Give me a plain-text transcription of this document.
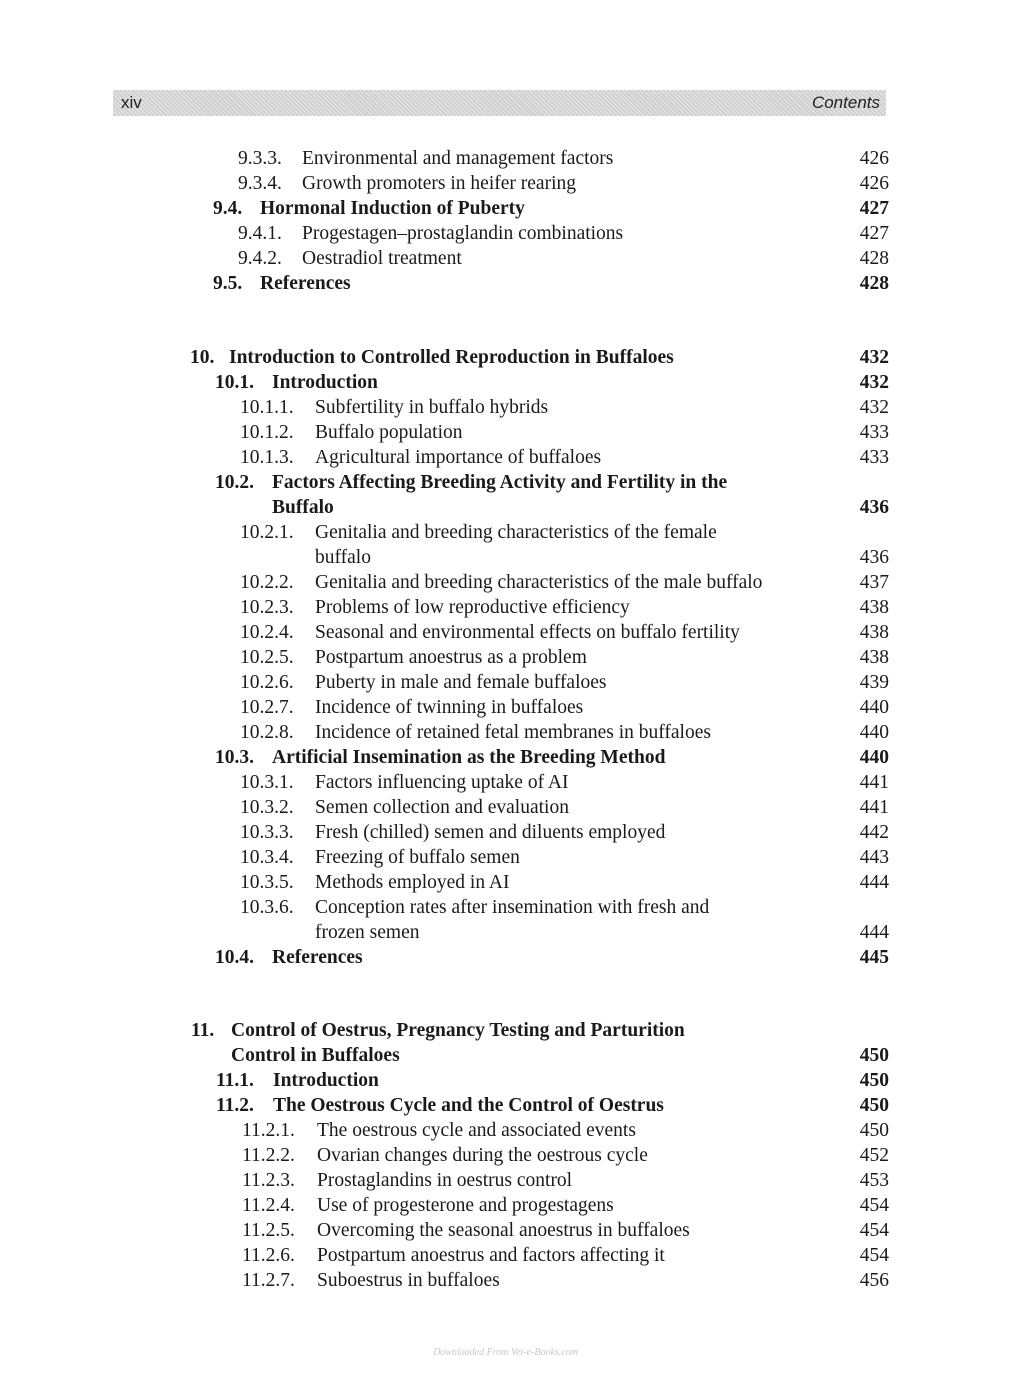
xiv	Contents
9.3.3. Environmental and management factors	426
9.3.4. Growth promoters in heifer rearing	426
9.4. Hormonal Induction of Puberty	427
9.4.1. Progestagen–prostaglandin combinations	427
9.4.2. Oestradiol treatment	428
9.5. References	428
10. Introduction to Controlled Reproduction in Buffaloes	432
10.1. Introduction	432
10.1.1. Subfertility in buffalo hybrids	432
10.1.2. Buffalo population	433
10.1.3. Agricultural importance of buffaloes	433
10.2. Factors Affecting Breeding Activity and Fertility in the
Buffalo	436
10.2.1. Genitalia and breeding characteristics of the female
buffalo	436
10.2.2. Genitalia and breeding characteristics of the male buffalo	437
10.2.3. Problems of low reproductive efficiency	438
10.2.4. Seasonal and environmental effects on buffalo fertility	438
10.2.5. Postpartum anoestrus as a problem	438
10.2.6. Puberty in male and female buffaloes	439
10.2.7. Incidence of twinning in buffaloes	440
10.2.8. Incidence of retained fetal membranes in buffaloes	440
10.3. Artificial Insemination as the Breeding Method	440
10.3.1. Factors influencing uptake of AI	441
10.3.2. Semen collection and evaluation	441
10.3.3. Fresh (chilled) semen and diluents employed	442
10.3.4. Freezing of buffalo semen	443
10.3.5. Methods employed in AI	444
10.3.6. Conception rates after insemination with fresh and
frozen semen	444
10.4. References	445
11. Control of Oestrus, Pregnancy Testing and Parturition
Control in Buffaloes	450
11.1. Introduction	450
11.2. The Oestrous Cycle and the Control of Oestrus	450
11.2.1. The oestrous cycle and associated events	450
11.2.2. Ovarian changes during the oestrous cycle	452
11.2.3. Prostaglandins in oestrus control	453
11.2.4. Use of progesterone and progestagens	454
11.2.5. Overcoming the seasonal anoestrus in buffaloes	454
11.2.6. Postpartum anoestrus and factors affecting it	454
11.2.7. Suboestrus in buffaloes	456
Downloaded From Vet-e-Books.com
